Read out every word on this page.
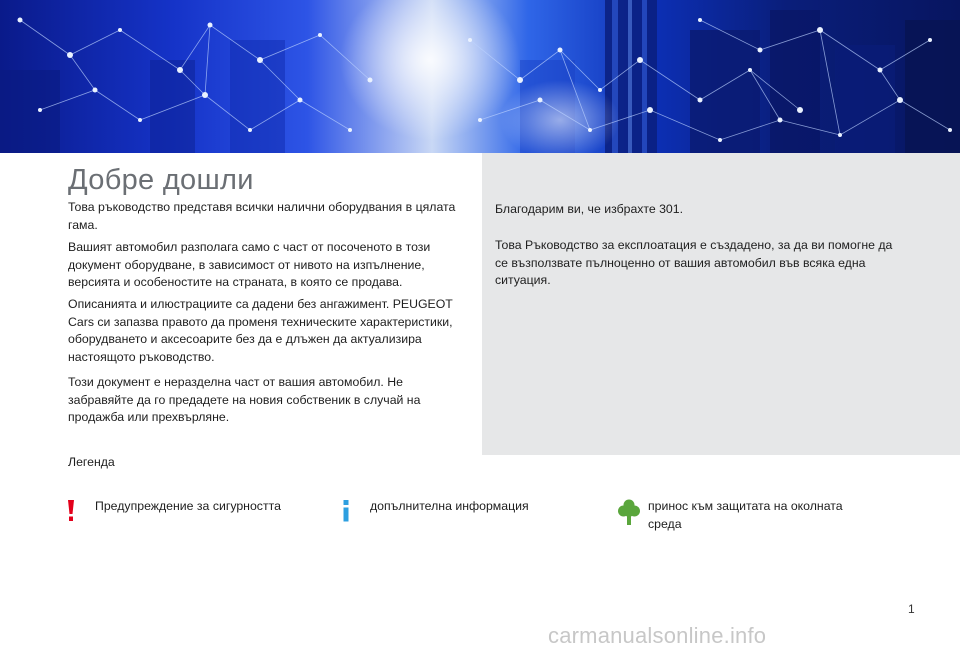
Добре дошли

Това ръководство представя всички налични оборудвания в цялата гама.

Вашият автомобил разполага само с част от посоченото в този документ оборудване, в зависимост от нивото на изпълнение, версията и особеностите на страната, в която се продава.

Описанията и илюстрациите са дадени без ангажимент. PEUGEOT Cars си запазва правото да променя техническите характеристики, оборудването и аксесоарите без да е длъжен да актуализира настоящото ръководство.

Този документ е неразделна част от вашия автомобил. Не забравяйте да го предадете на новия собственик в случай на продажба или прехвърляне.

Легенда

Благодарим ви, че избрахте 301.

Това Ръководство за експлоатация е създадено, за да ви помогне да се възползвате пълноценно от вашия автомобил във всяка една ситуация.

Предупреждение за сигурността	допълнителна информация	принос към защитата на околната среда
1
carmanualsonline.info
